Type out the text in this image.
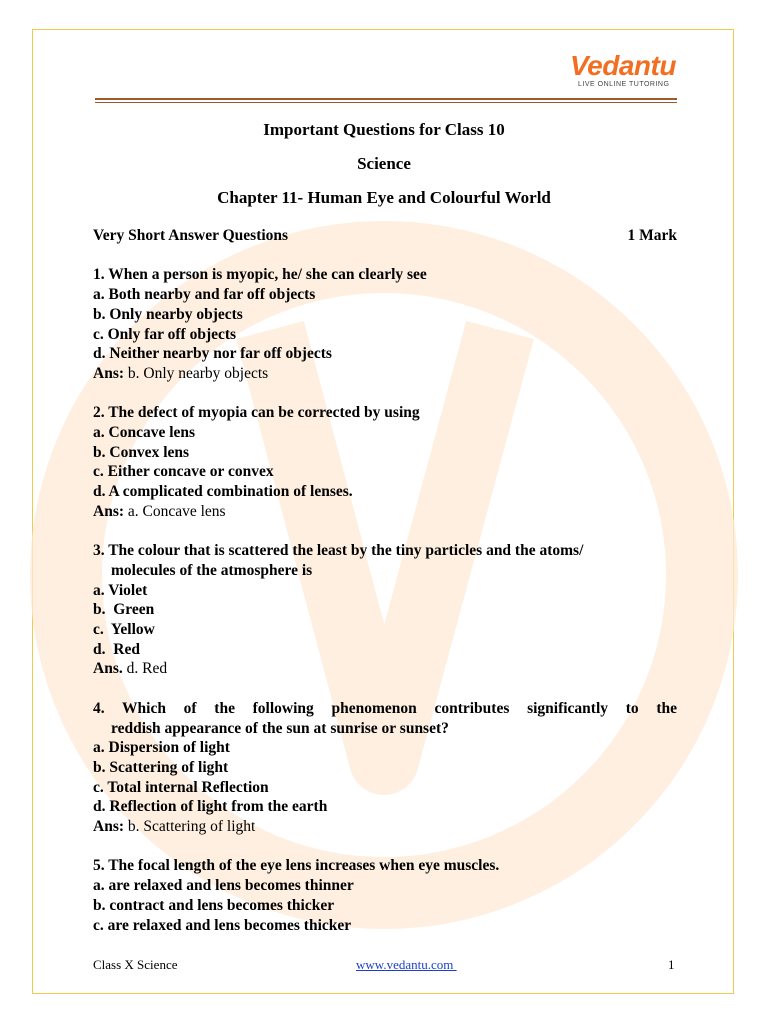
Vedantu
LIVE ONLINE TUTORING
Important Questions for Class 10
Science
Chapter 11- Human Eye and Colourful World
Very Short Answer Questions	1 Mark
1. When a person is myopic, he/ she can clearly see
a. Both nearby and far off objects
b. Only nearby objects
c. Only far off objects
d. Neither nearby nor far off objects
Ans: b. Only nearby objects
2. The defect of myopia can be corrected by using
a. Concave lens
b. Convex lens
c. Either concave or convex
d. A complicated combination of lenses.
Ans: a. Concave lens
3. The colour that is scattered the least by the tiny particles and the atoms/
molecules of the atmosphere is
a. Violet
b.  Green
c.  Yellow
d.  Red
Ans. d. Red
4. Which of the following phenomenon contributes significantly to the
reddish appearance of the sun at sunrise or sunset?
a. Dispersion of light
b. Scattering of light
c. Total internal Reflection
d. Reflection of light from the earth
Ans: b. Scattering of light
5. The focal length of the eye lens increases when eye muscles.
a. are relaxed and lens becomes thinner
b. contract and lens becomes thicker
c. are relaxed and lens becomes thicker
Class X Science	www.vedantu.com	1
